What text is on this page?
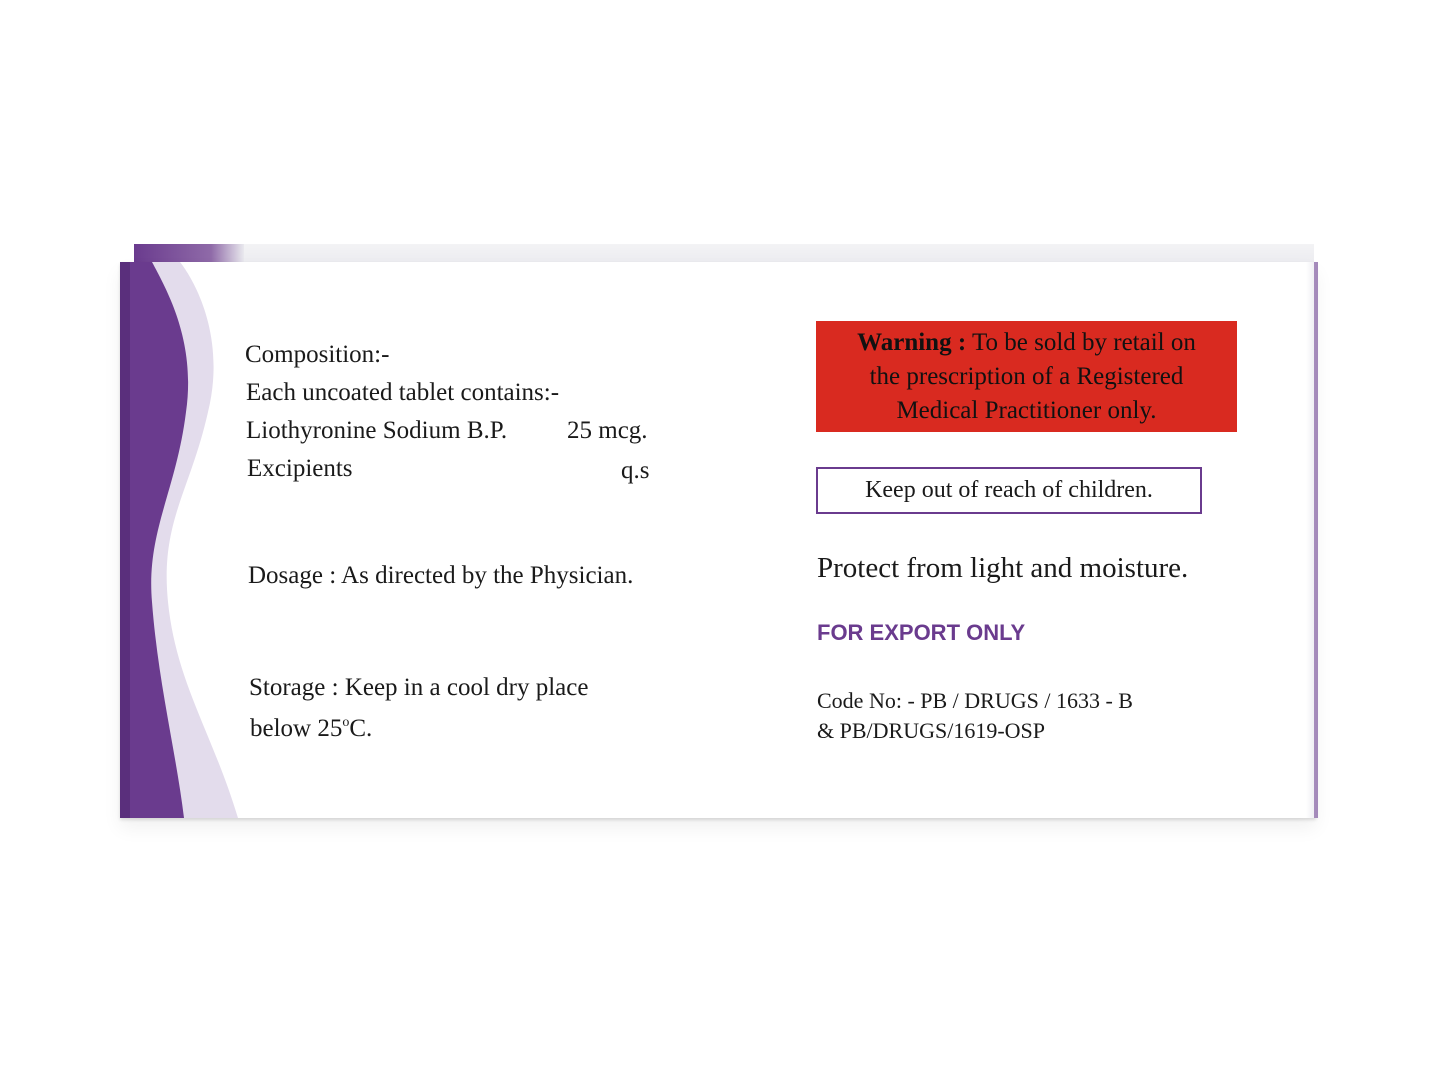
Composition:-
Each uncoated tablet contains:-
Liothyronine Sodium B.P. 25 mcg.
Excipients	q.s
Dosage : As directed by the Physician.
Storage : Keep in a cool dry place
below 25$^o$C.
Warning : To be sold by retail on
the prescription of a Registered
Medical Practitioner only.
Keep out of reach of children.
Protect from light and moisture.
FOR EXPORT ONLY
Code No: - PB / DRUGS / 1633 - B
& PB/DRUGS/1619-OSP
